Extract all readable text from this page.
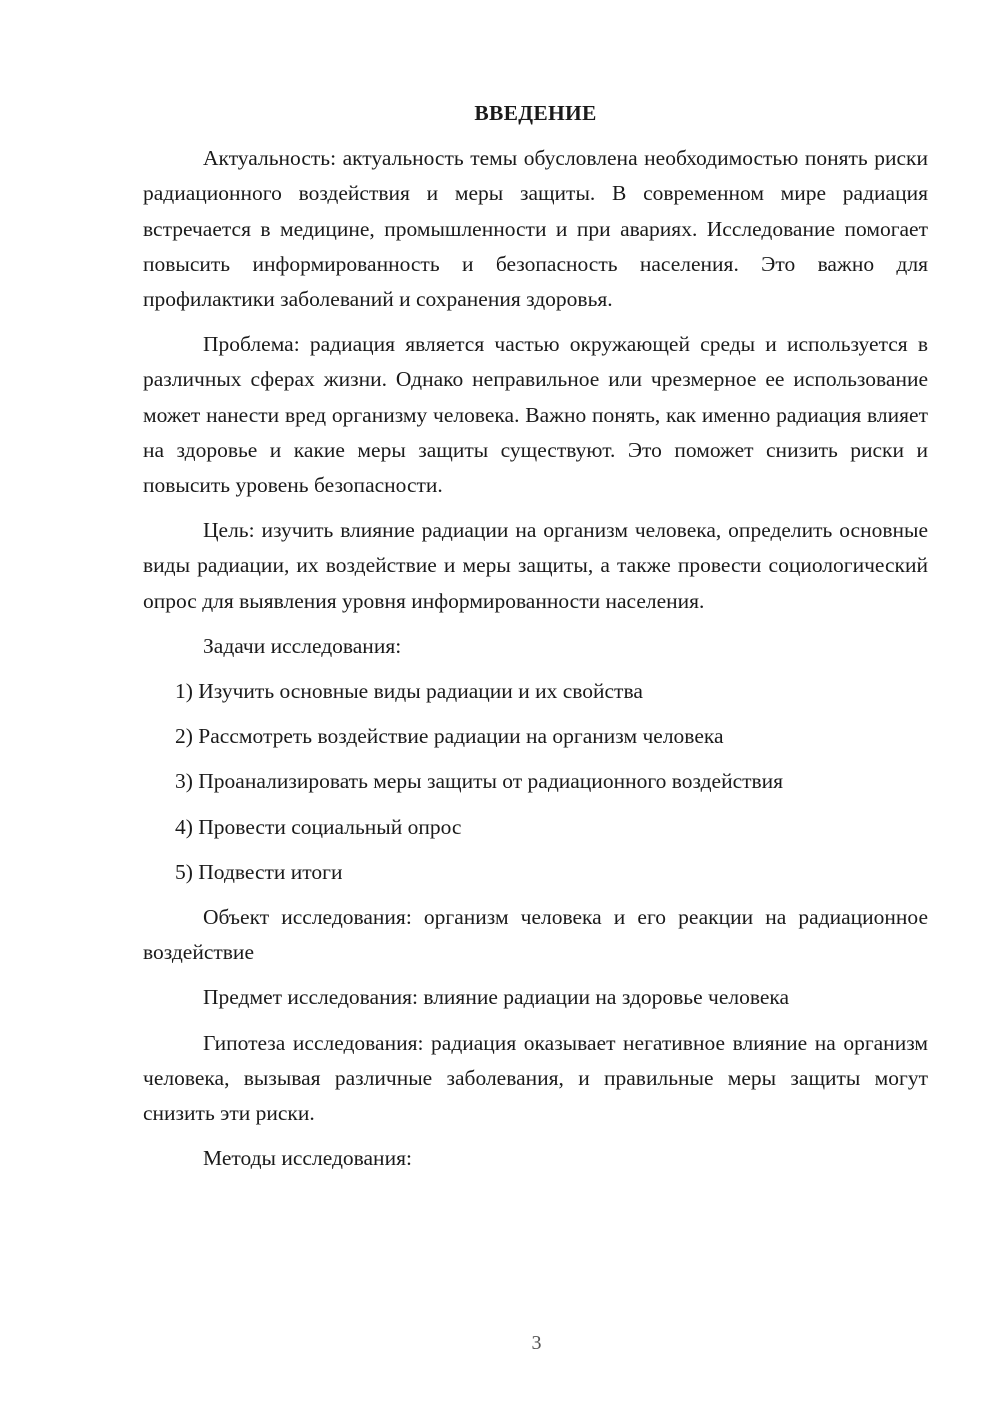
ВВЕДЕНИЕ

Актуальность: актуальность темы обусловлена необходимостью понять риски радиационного воздействия и меры защиты. В современном мире радиация встречается в медицине, промышленности и при авариях. Исследование помогает повысить информированность и безопасность населения. Это важно для профилактики заболеваний и сохранения здоровья.

Проблема: радиация является частью окружающей среды и используется в различных сферах жизни. Однако неправильное или чрезмерное ее использование может нанести вред организму человека. Важно понять, как именно радиация влияет на здоровье и какие меры защиты существуют. Это поможет снизить риски и повысить уровень безопасности.

Цель: изучить влияние радиации на организм человека, определить основные виды радиации, их воздействие и меры защиты, а также провести социологический опрос для выявления уровня информированности населения.

Задачи исследования:

1) Изучить основные виды радиации и их свойства

2) Рассмотреть воздействие радиации на организм человека

3) Проанализировать меры защиты от радиационного воздействия

4) Провести социальный опрос

5) Подвести итоги

Объект исследования: организм человека и его реакции на радиационное воздействие

Предмет исследования: влияние радиации на здоровье человека

Гипотеза исследования: радиация оказывает негативное влияние на организм человека, вызывая различные заболевания, и правильные меры защиты могут снизить эти риски.

Методы исследования:

3
